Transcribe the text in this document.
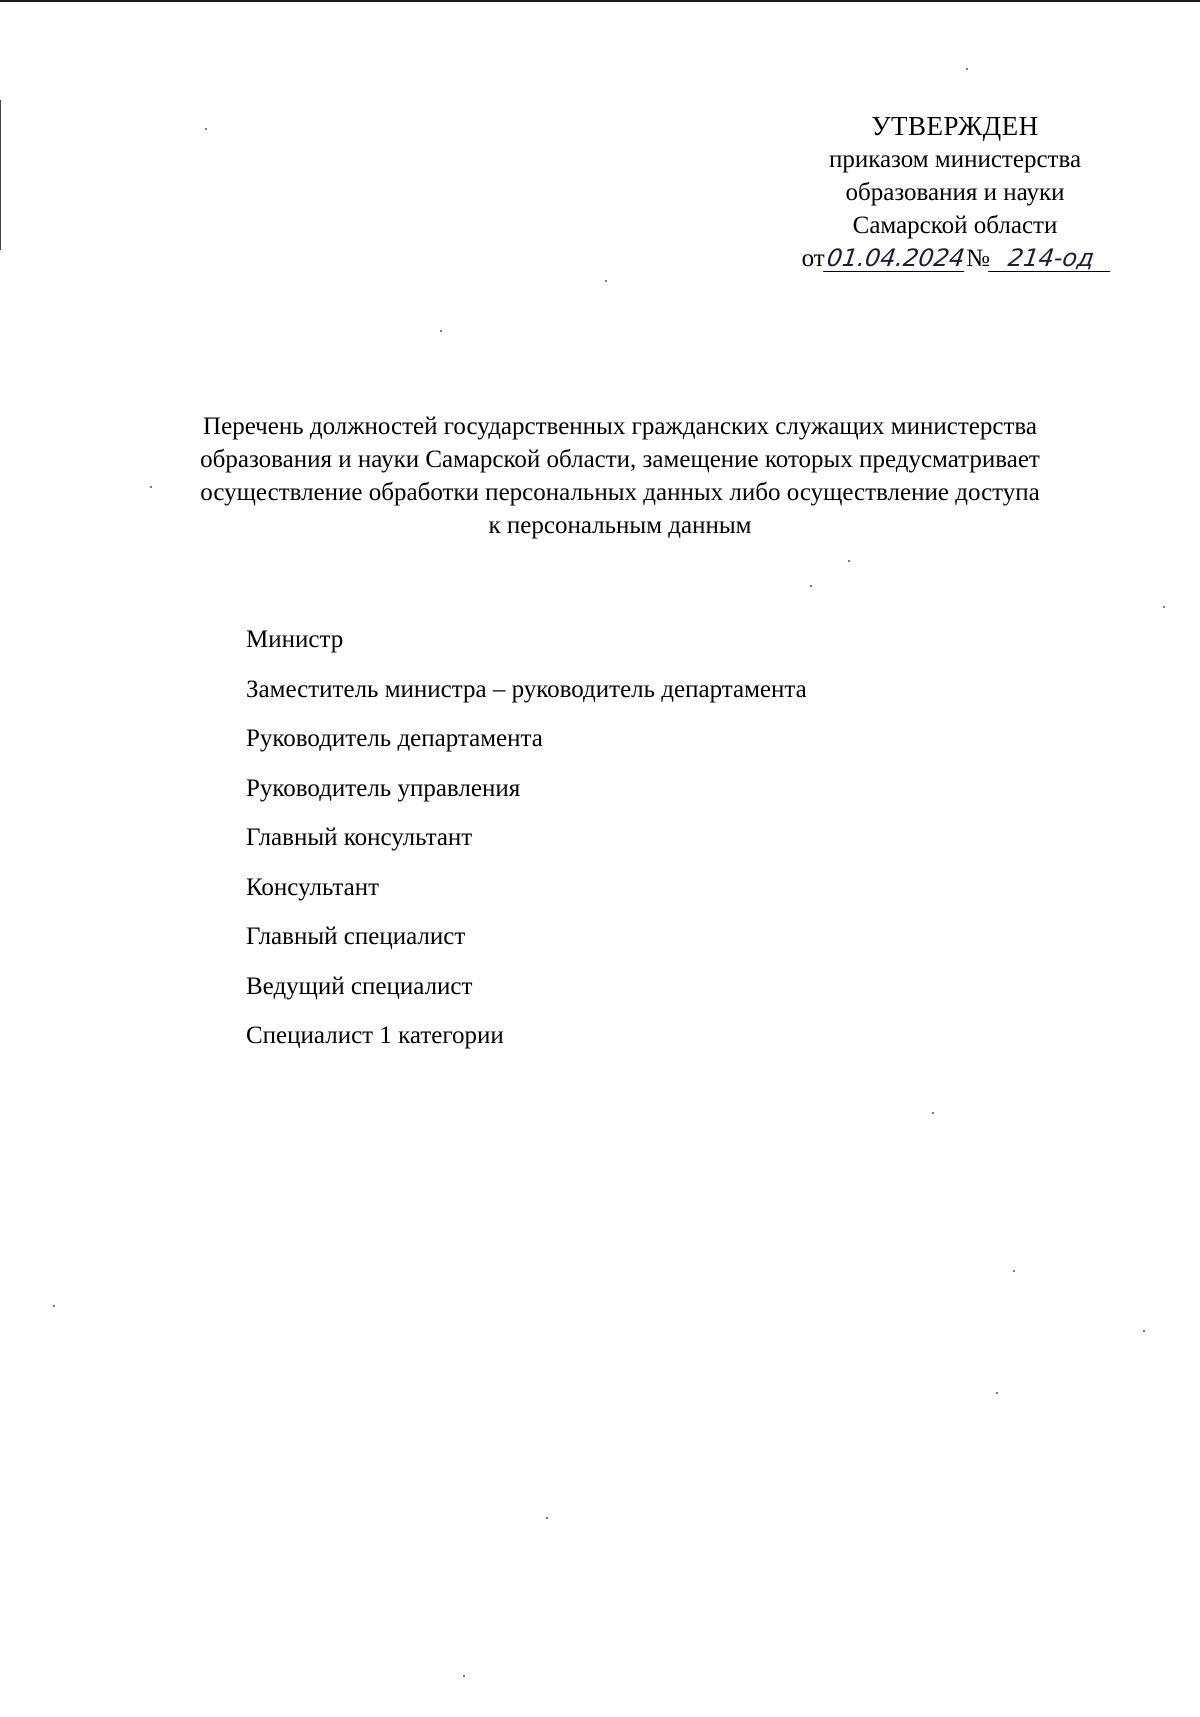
УТВЕРЖДЕН
приказом министерства
образования и науки
Самарской области
от01.04.2024№ 214-од
Перечень должностей государственных гражданских служащих министерства
образования и науки Самарской области, замещение которых предусматривает
осуществление обработки персональных данных либо осуществление доступа
к персональным данным
Министр
Заместитель министра – руководитель департамента
Руководитель департамента
Руководитель управления
Главный консультант
Консультант
Главный специалист
Ведущий специалист
Специалист 1 категории
